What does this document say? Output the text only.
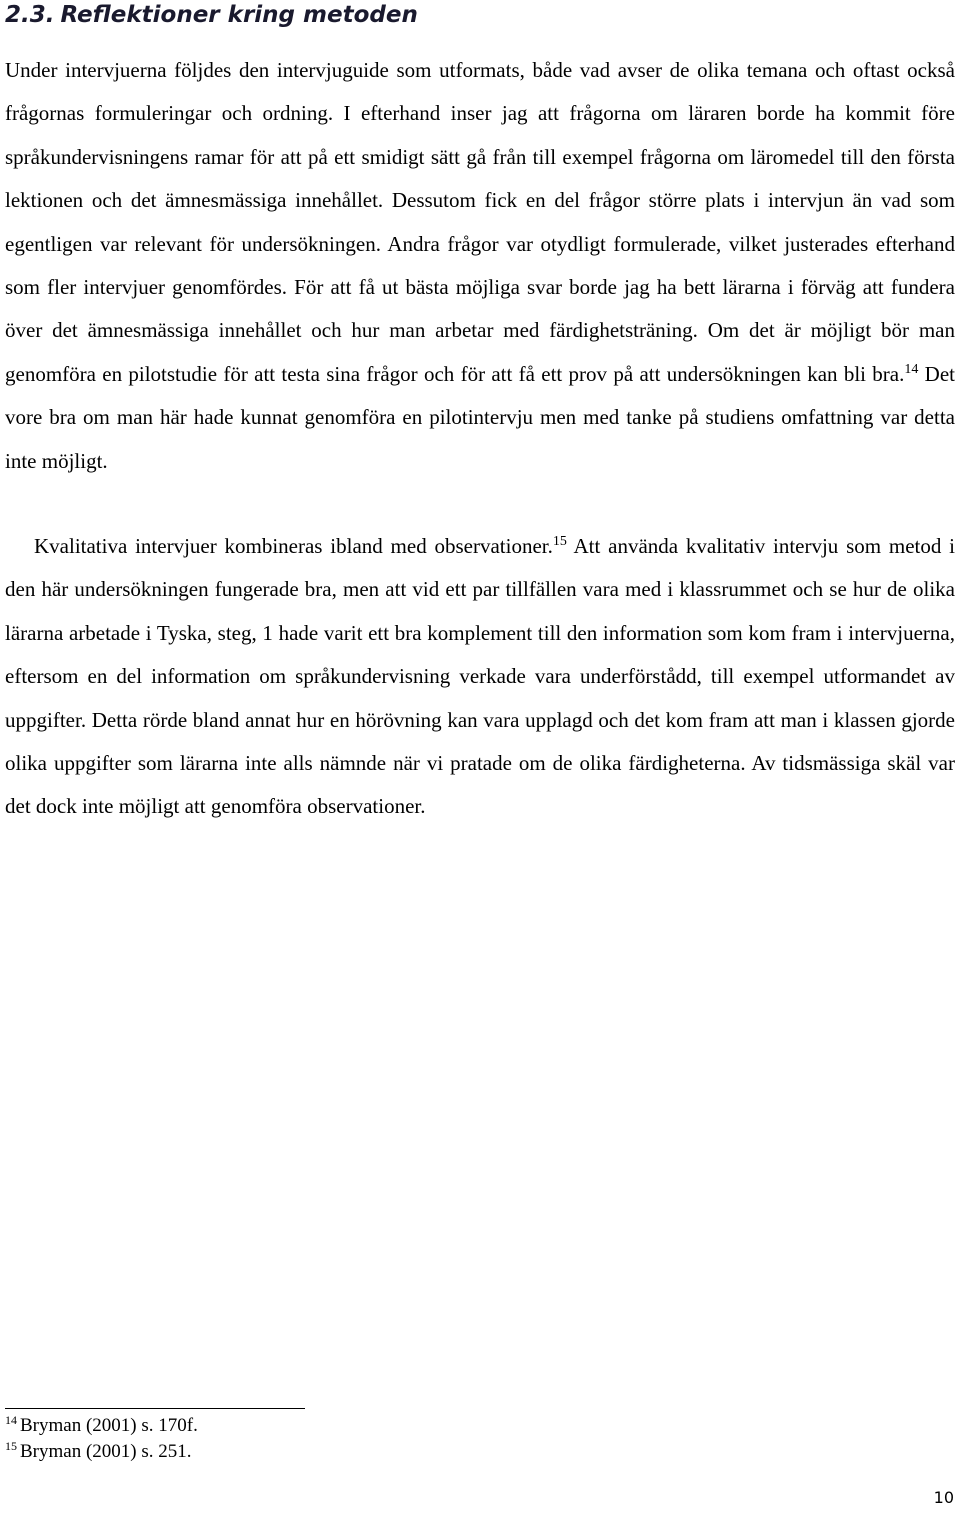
2.3. Reflektioner kring metoden

Under intervjuerna följdes den intervjuguide som utformats, både vad avser de olika temana och oftast också frågornas formuleringar och ordning. I efterhand inser jag att frågorna om läraren borde ha kommit före språkundervisningens ramar för att på ett smidigt sätt gå från till exempel frågorna om läromedel till den första lektionen och det ämnesmässiga innehållet. Dessutom fick en del frågor större plats i intervjun än vad som egentligen var relevant för undersökningen. Andra frågor var otydligt formulerade, vilket justerades efterhand som fler intervjuer genomfördes. För att få ut bästa möjliga svar borde jag ha bett lärarna i förväg att fundera över det ämnesmässiga innehållet och hur man arbetar med färdighetsträning. Om det är möjligt bör man genomföra en pilotstudie för att testa sina frågor och för att få ett prov på att undersökningen kan bli bra.$^{14}$ Det vore bra om man här hade kunnat genomföra en pilotintervju men med tanke på studiens omfattning var detta inte möjligt.

Kvalitativa intervjuer kombineras ibland med observationer.$^{15}$ Att använda kvalitativ intervju som metod i den här undersökningen fungerade bra, men att vid ett par tillfällen vara med i klassrummet och se hur de olika lärarna arbetade i Tyska, steg, 1 hade varit ett bra komplement till den information som kom fram i intervjuerna, eftersom en del information om språkundervisning verkade vara underförstådd, till exempel utformandet av uppgifter. Detta rörde bland annat hur en hörövning kan vara upplagd och det kom fram att man i klassen gjorde olika uppgifter som lärarna inte alls nämnde när vi pratade om de olika färdigheterna. Av tidsmässiga skäl var det dock inte möjligt att genomföra observationer.

$^{14}$ Bryman (2001) s. 170f.
$^{15}$ Bryman (2001) s. 251.
10
